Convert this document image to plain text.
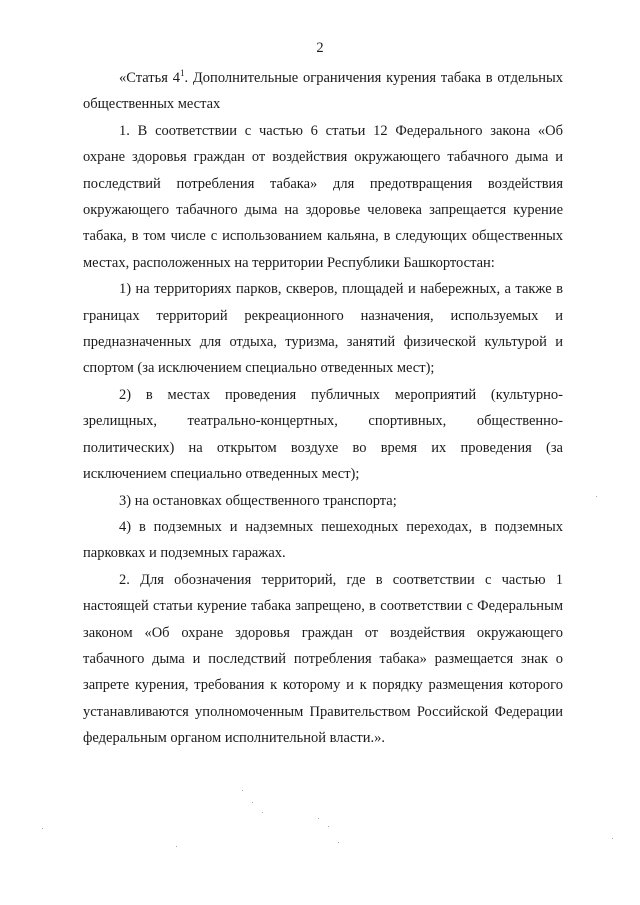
2

«Статья $4^1$. Дополнительные ограничения курения табака в отдельных общественных местах

1. В соответствии с частью 6 статьи 12 Федерального закона «Об охране здоровья граждан от воздействия окружающего табачного дыма и последствий потребления табака» для предотвращения воздействия окружающего табачного дыма на здоровье человека запрещается курение табака, в том числе с использованием кальяна, в следующих общественных местах, расположенных на территории Республики Башкортостан:

1) на территориях парков, скверов, площадей и набережных, а также в границах территорий рекреационного назначения, используемых и предназначенных для отдыха, туризма, занятий физической культурой и спортом (за исключением специально отведенных мест);

2) в местах проведения публичных мероприятий (культурно-зрелищных, театрально-концертных, спортивных, общественно-политических) на открытом воздухе во время их проведения (за исключением специально отведенных мест);

3) на остановках общественного транспорта;

4) в подземных и надземных пешеходных переходах, в подземных парковках и подземных гаражах.

2. Для обозначения территорий, где в соответствии с частью 1 настоящей статьи курение табака запрещено, в соответствии с Федеральным законом «Об охране здоровья граждан от воздействия окружающего табачного дыма и последствий потребления табака» размещается знак о запрете курения, требования к которому и к порядку размещения которого устанавливаются уполномоченным Правительством Российской Федерации федеральным органом исполнительной власти.».
